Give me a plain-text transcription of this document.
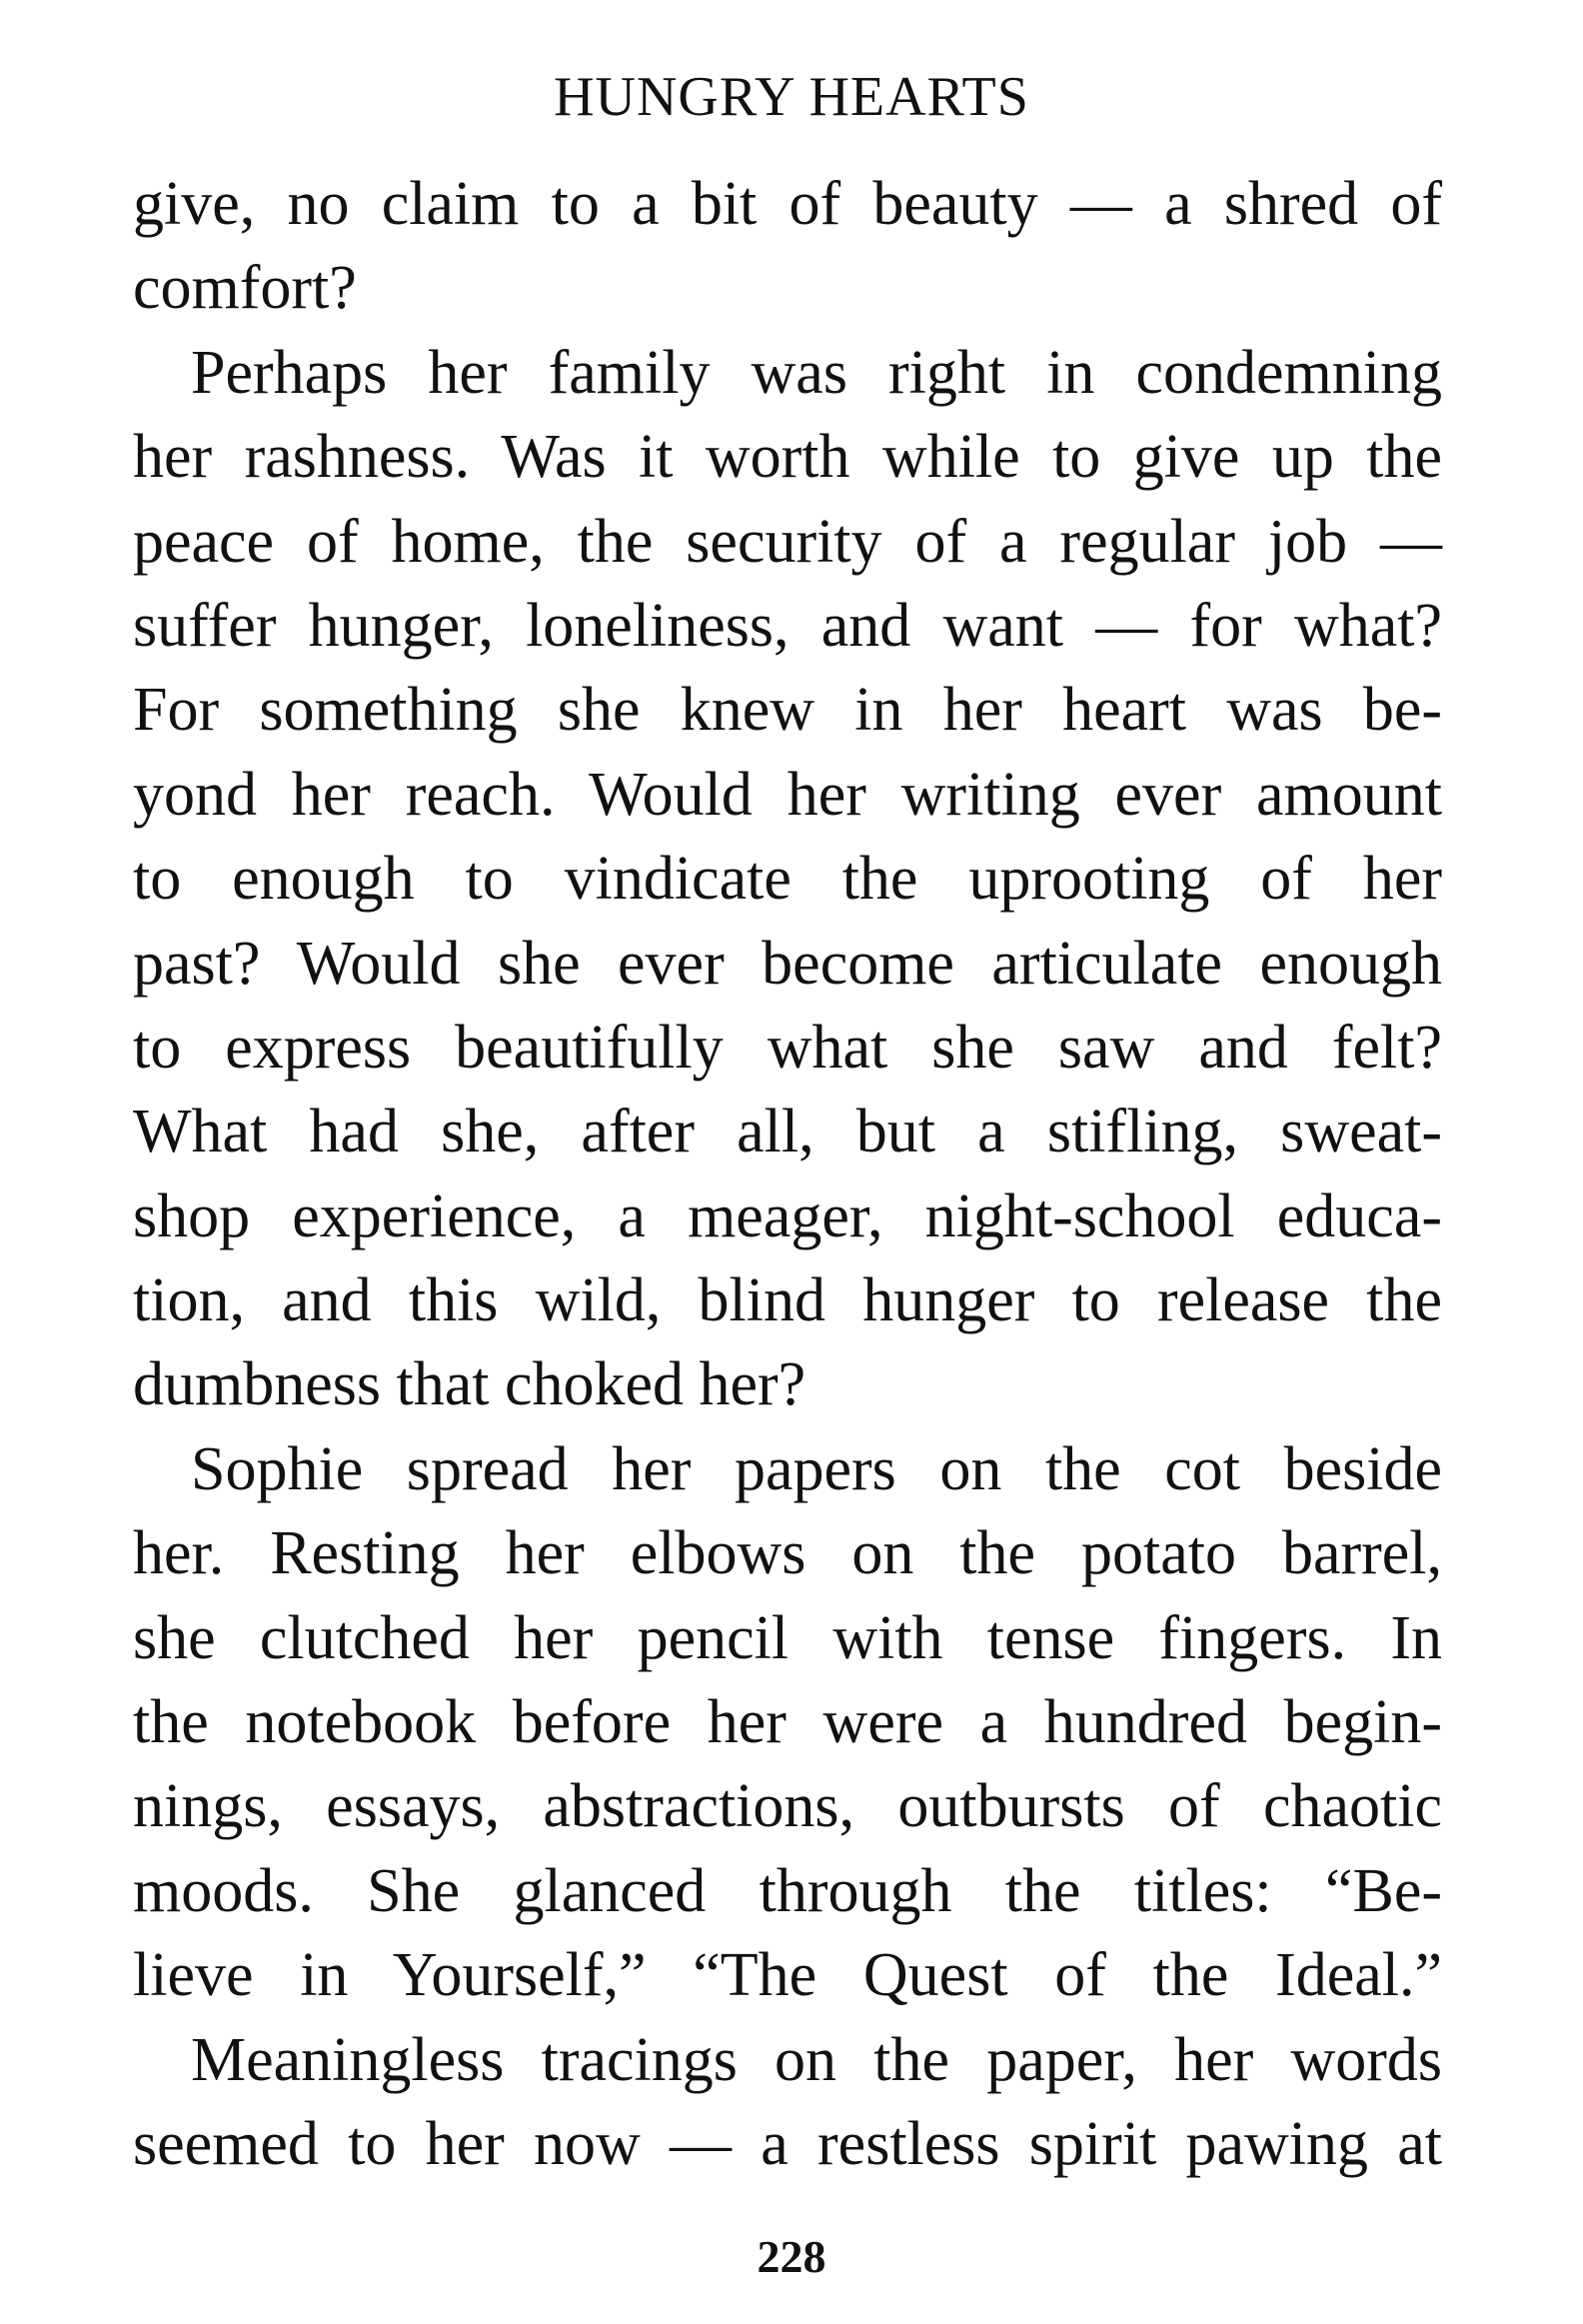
HUNGRY HEARTS
give, no claim to a bit of beauty — a shred of
comfort?
Perhaps her family was right in condemning
her rashness. Was it worth while to give up the
peace of home, the security of a regular job —
suffer hunger, loneliness, and want — for what?
For something she knew in her heart was be-
yond her reach. Would her writing ever amount
to enough to vindicate the uprooting of her
past? Would she ever become articulate enough
to express beautifully what she saw and felt?
What had she, after all, but a stifling, sweat-
shop experience, a meager, night-school educa-
tion, and this wild, blind hunger to release the
dumbness that choked her?
Sophie spread her papers on the cot beside
her. Resting her elbows on the potato barrel,
she clutched her pencil with tense fingers. In
the notebook before her were a hundred begin-
nings, essays, abstractions, outbursts of chaotic
moods. She glanced through the titles: “Be-
lieve in Yourself,” “The Quest of the Ideal.”
Meaningless tracings on the paper, her words
seemed to her now — a restless spirit pawing at
228
